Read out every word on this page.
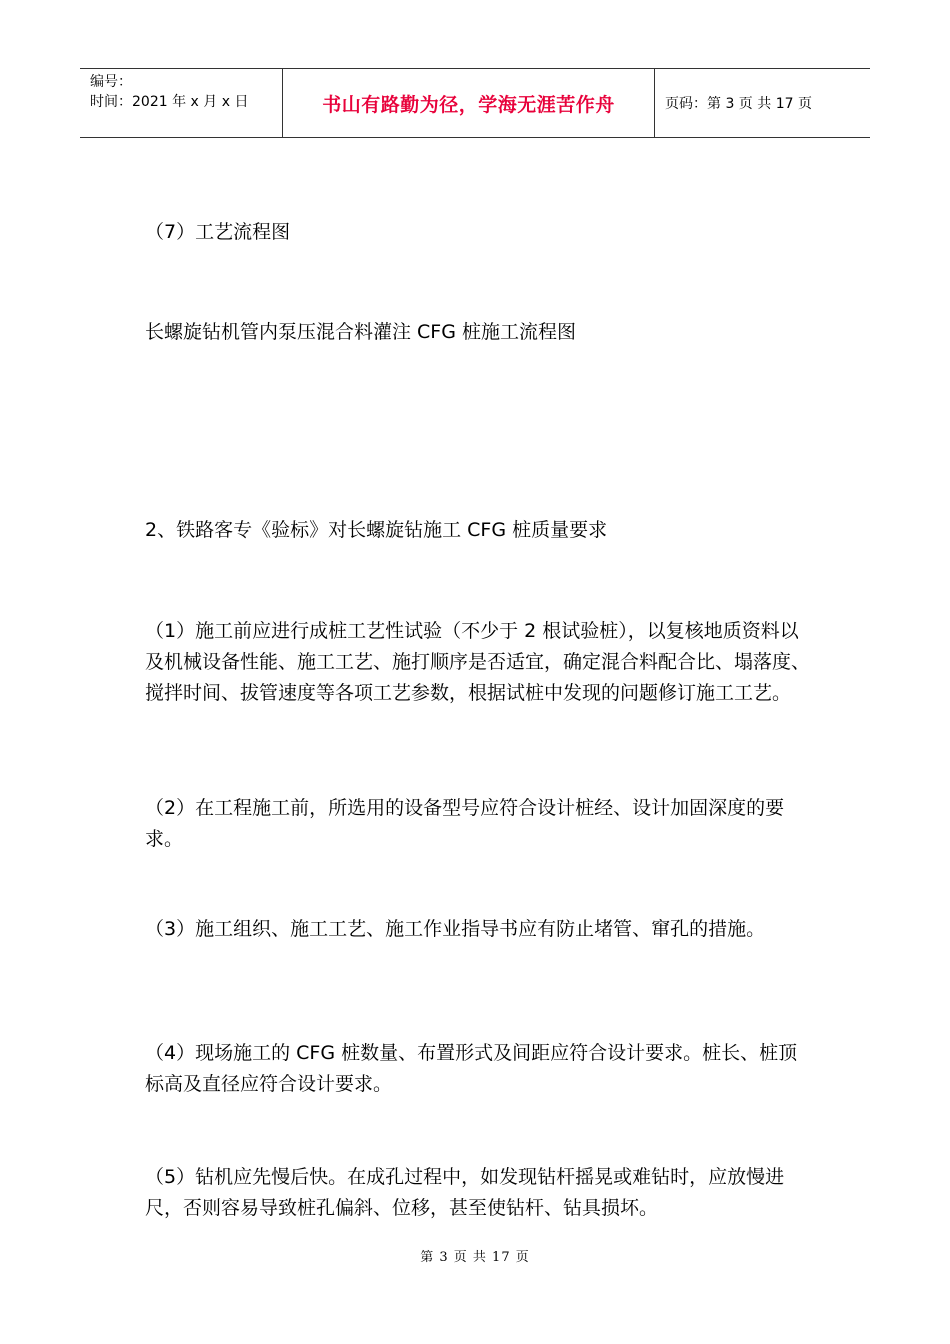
编号：
时间：2021 年 x 月 x 日	书山有路勤为径，学海无涯苦作舟	页码：第 3 页 共 17 页

（7）工艺流程图

长螺旋钻机管内泵压混合料灌注 CFG 桩施工流程图

2、铁路客专《验标》对长螺旋钻施工 CFG 桩质量要求

（1）施工前应进行成桩工艺性试验（不少于 2 根试验桩），以复核地质资料以及机械设备性能、施工工艺、施打顺序是否适宜，确定混合料配合比、塌落度、搅拌时间、拔管速度等各项工艺参数，根据试桩中发现的问题修订施工工艺。

（2）在工程施工前，所选用的设备型号应符合设计桩经、设计加固深度的要求。

（3）施工组织、施工工艺、施工作业指导书应有防止堵管、窜孔的措施。

（4）现场施工的 CFG 桩数量、布置形式及间距应符合设计要求。桩长、桩顶标高及直径应符合设计要求。

（5）钻机应先慢后快。在成孔过程中，如发现钻杆摇晃或难钻时，应放慢进尺，否则容易导致桩孔偏斜、位移，甚至使钻杆、钻具损坏。

第 3 页 共 17 页
